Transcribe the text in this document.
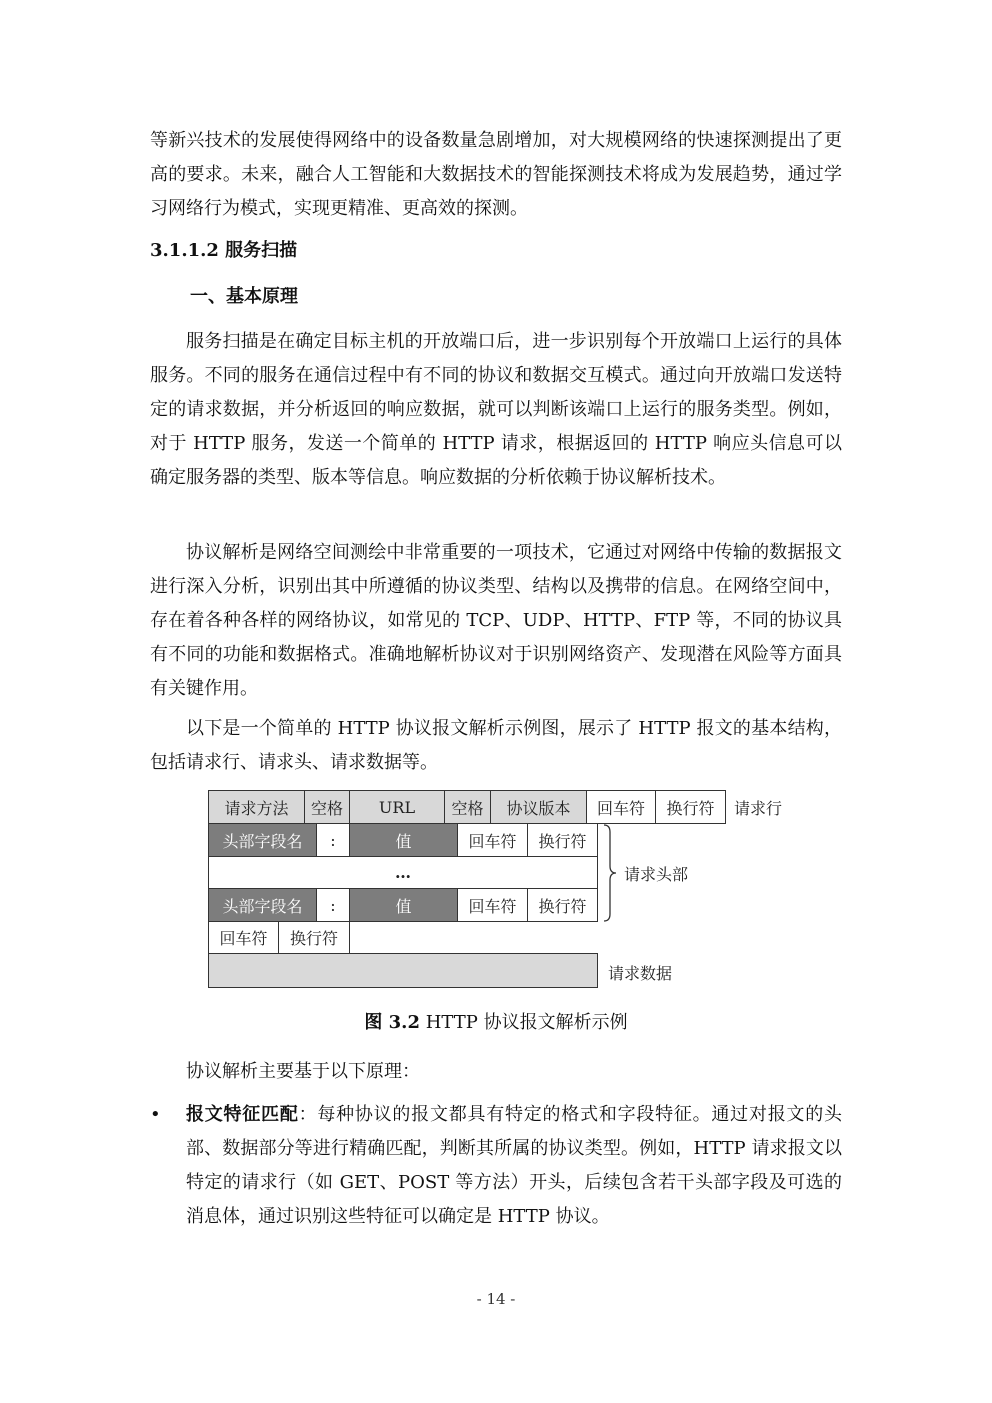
等新兴技术的发展使得网络中的设备数量急剧增加，对大规模网络的快速探测提出了更高的要求。未来，融合人工智能和大数据技术的智能探测技术将成为发展趋势，通过学习网络行为模式，实现更精准、更高效的探测。

3.1.1.2 服务扫描

一、基本原理

服务扫描是在确定目标主机的开放端口后，进一步识别每个开放端口上运行的具体服务。不同的服务在通信过程中有不同的协议和数据交互模式。通过向开放端口发送特定的请求数据，并分析返回的响应数据，就可以判断该端口上运行的服务类型。例如，对于 HTTP 服务，发送一个简单的 HTTP 请求，根据返回的 HTTP 响应头信息可以确定服务器的类型、版本等信息。响应数据的分析依赖于协议解析技术。

协议解析是网络空间测绘中非常重要的一项技术，它通过对网络中传输的数据报文进行深入分析，识别出其中所遵循的协议类型、结构以及携带的信息。在网络空间中，存在着各种各样的网络协议，如常见的 TCP、UDP、HTTP、FTP 等，不同的协议具有不同的功能和数据格式。准确地解析协议对于识别网络资产、发现潜在风险等方面具有关键作用。

以下是一个简单的 HTTP 协议报文解析示例图，展示了 HTTP 报文的基本结构，包括请求行、请求头、请求数据等。

请求方法	空格	URL	空格	协议版本	回车符	换行符	请求行
头部字段名	:	值	回车符	换行符
…
头部字段名	:	值	回车符	换行符
请求头部
回车符	换行符
请求数据
图 3.2 HTTP 协议报文解析示例

协议解析主要基于以下原理：

• 报文特征匹配：每种协议的报文都具有特定的格式和字段特征。通过对报文的头部、数据部分等进行精确匹配，判断其所属的协议类型。例如，HTTP 请求报文以特定的请求行（如 GET、POST 等方法）开头，后续包含若干头部字段及可选的消息体，通过识别这些特征可以确定是 HTTP 协议。

- 14 -
